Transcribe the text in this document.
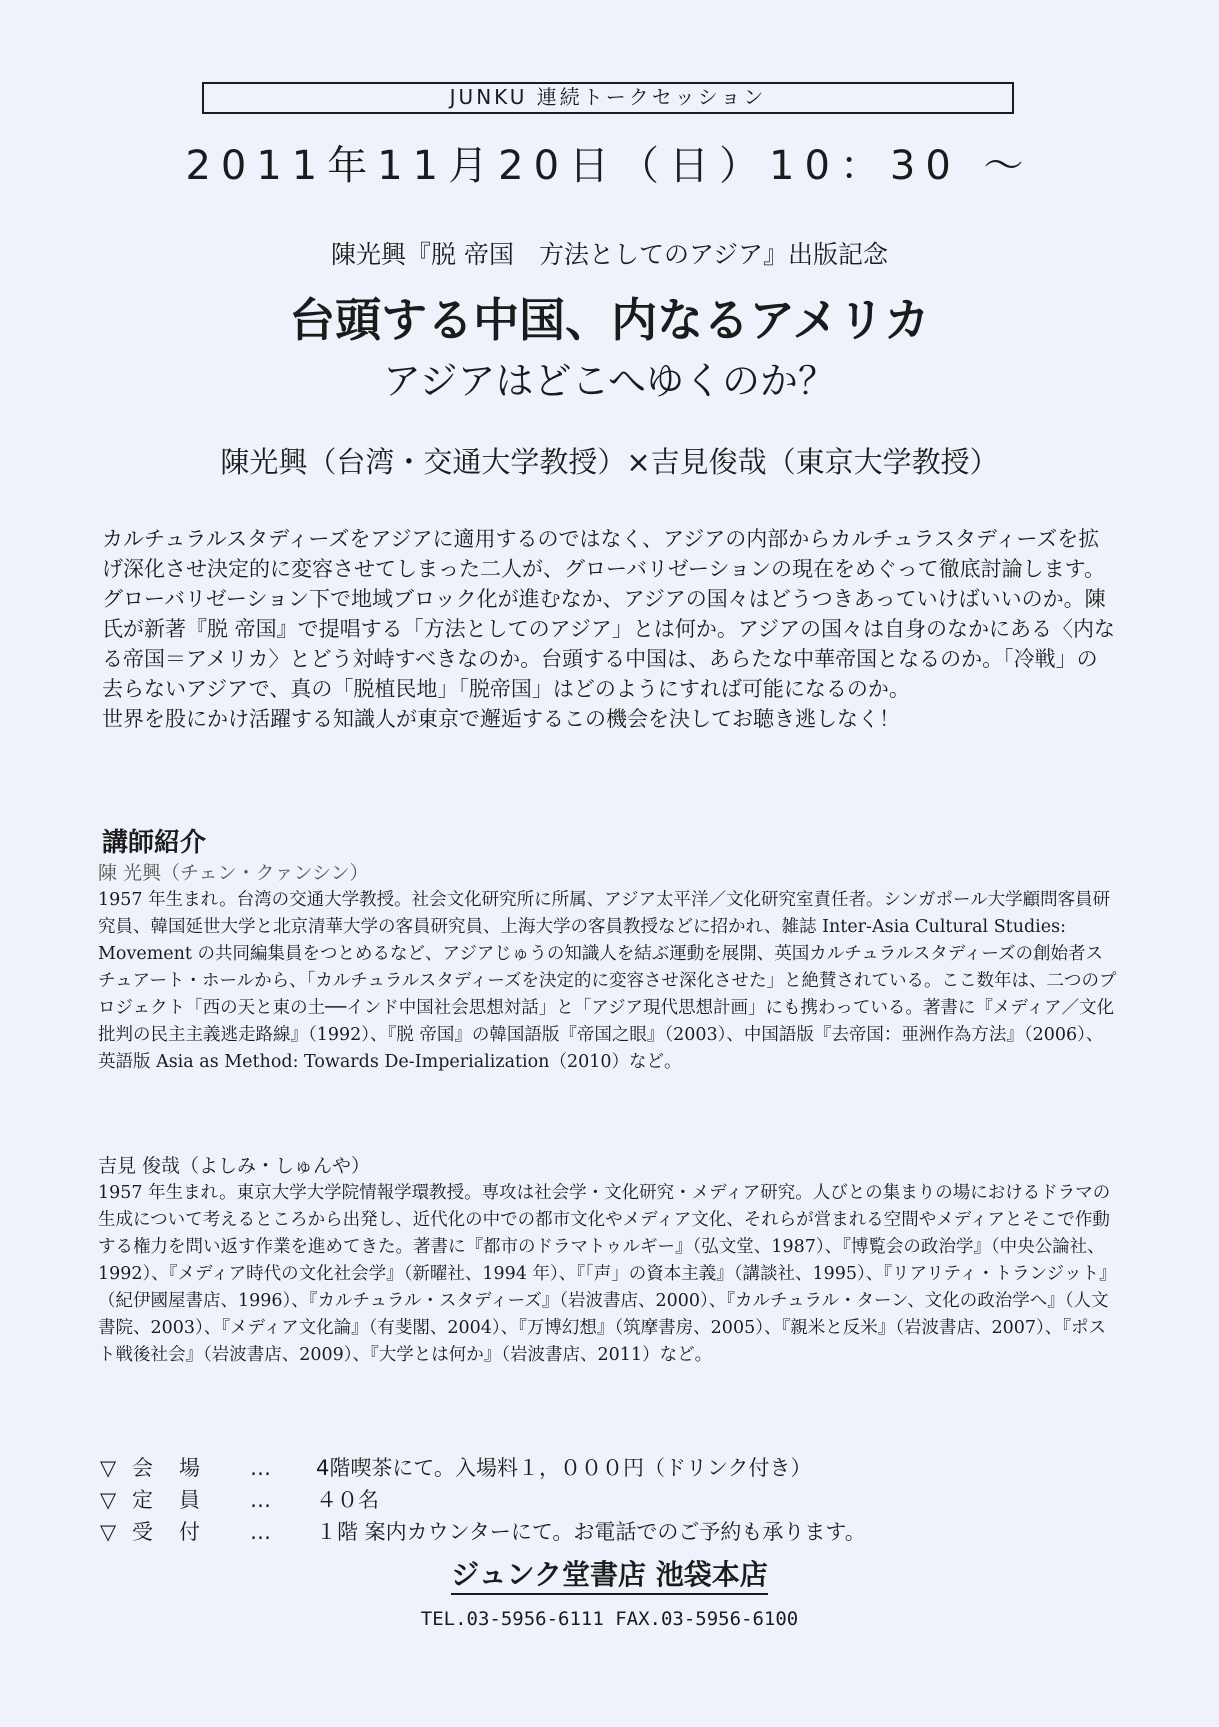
JUNKU 連続トークセッション
2011年11月20日（日）10：30 〜
陳光興『脱 帝国　方法としてのアジア』出版記念
台頭する中国、内なるアメリカ
アジアはどこへゆくのか？
陳光興（台湾・交通大学教授）×吉見俊哉（東京大学教授）

カルチュラルスタディーズをアジアに適用するのではなく、アジアの内部からカルチュラスタディーズを拡げ深化させ決定的に変容させてしまった二人が、グローバリゼーションの現在をめぐって徹底討論します。

グローバリゼーション下で地域ブロック化が進むなか、アジアの国々はどうつきあっていけばいいのか。陳氏が新著『脱 帝国』で提唱する「方法としてのアジア」とは何か。アジアの国々は自身のなかにある〈内なる帝国＝アメリカ〉とどう対峙すべきなのか。台頭する中国は、あらたな中華帝国となるのか。「冷戦」の去らないアジアで、真の「脱植民地」「脱帝国」はどのようにすれば可能になるのか。

世界を股にかけ活躍する知識人が東京で邂逅するこの機会を決してお聴き逃しなく！

講師紹介

陳 光興（チェン・クァンシン）

1957 年生まれ。台湾の交通大学教授。社会文化研究所に所属、アジア太平洋／文化研究室責任者。シンガポール大学顧問客員研究員、韓国延世大学と北京清華大学の客員研究員、上海大学の客員教授などに招かれ、雑誌 Inter-Asia Cultural Studies: Movement の共同編集員をつとめるなど、アジアじゅうの知識人を結ぶ運動を展開、英国カルチュラルスタディーズの創始者スチュアート・ホールから、「カルチュラルスタディーズを決定的に変容させ深化させた」と絶賛されている。ここ数年は、二つのプロジェクト「西の天と東の土──インド中国社会思想対話」と「アジア現代思想計画」にも携わっている。著書に『メディア／文化批判の民主主義逃走路線』（1992）、『脱 帝国』の韓国語版『帝国之眼』（2003）、中国語版『去帝国：亜洲作為方法』（2006）、英語版 Asia as Method: Towards De-Imperialization（2010）など。

吉見 俊哉（よしみ・しゅんや）

1957 年生まれ。東京大学大学院情報学環教授。専攻は社会学・文化研究・メディア研究。人びとの集まりの場におけるドラマの生成について考えるところから出発し、近代化の中での都市文化やメディア文化、それらが営まれる空間やメディアとそこで作動する権力を問い返す作業を進めてきた。著書に『都市のドラマトゥルギー』（弘文堂、1987）、『博覧会の政治学』（中央公論社、1992）、『メディア時代の文化社会学』（新曜社、1994 年）、『「声」の資本主義』（講談社、1995）、『リアリティ・トランジット』（紀伊國屋書店、1996）、『カルチュラル・スタディーズ』（岩波書店、2000）、『カルチュラル・ターン、文化の政治学へ』（人文書院、2003）、『メディア文化論』（有斐閣、2004）、『万博幻想』（筑摩書房、2005）、『親米と反米』（岩波書店、2007）、『ポスト戦後社会』（岩波書店、2009）、『大学とは何か』（岩波書店、2011）など。

▽ 会場	…	4階喫茶にて。入場料１，０００円（ドリンク付き）
▽ 定員	…	４０名
▽ 受付	…	１階 案内カウンターにて。お電話でのご予約も承ります。
ジュンク堂書店 池袋本店
TEL.03-5956-6111 FAX.03-5956-6100
